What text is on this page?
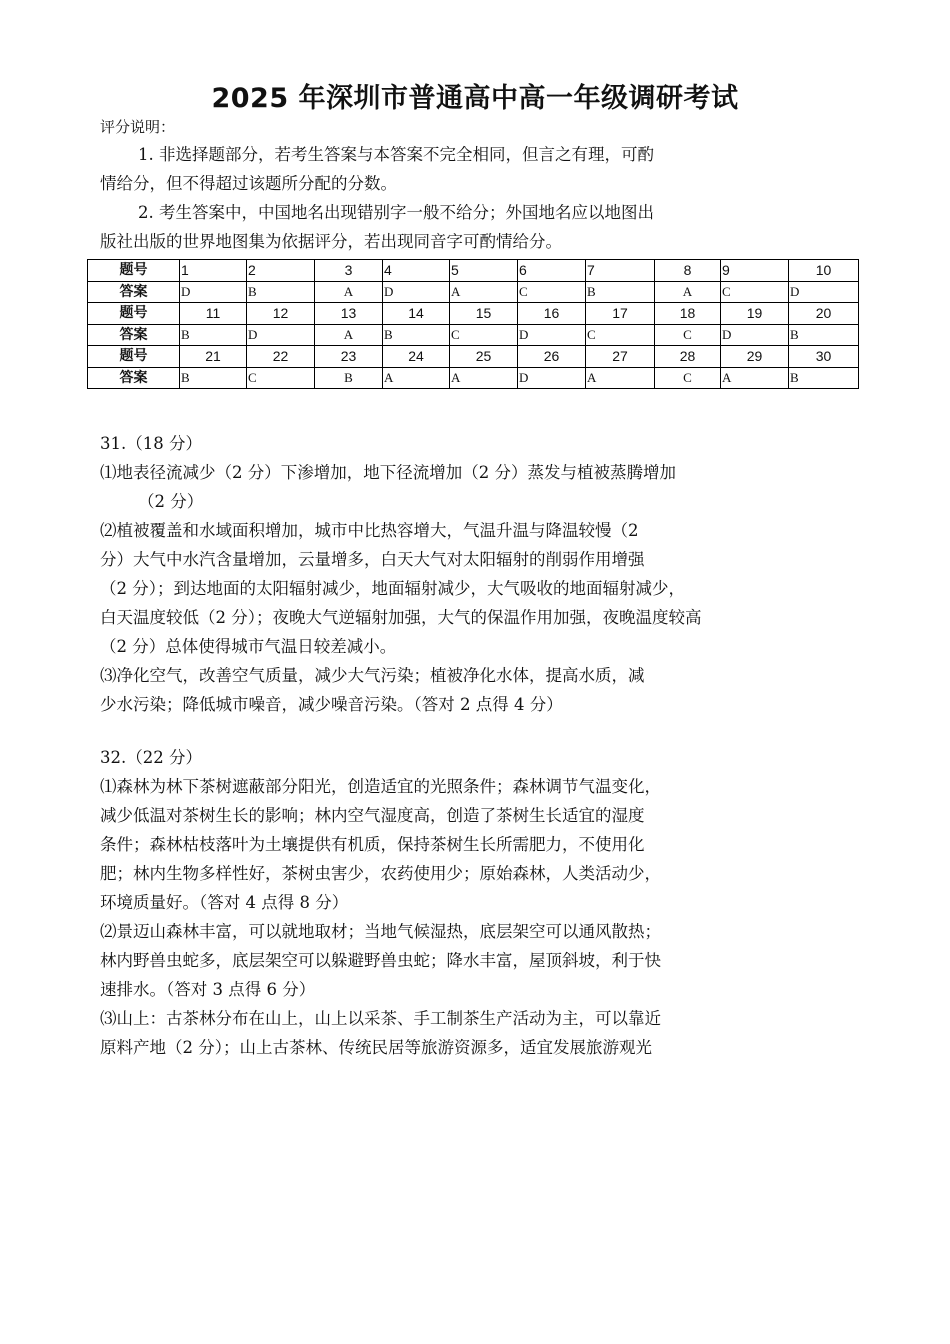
2025 年深圳市普通高中高一年级调研考试

评分说明：

1. 非选择题部分，若考生答案与本答案不完全相同，但言之有理，可酌

情给分，但不得超过该题所分配的分数。

2. 考生答案中，中国地名出现错别字一般不给分；外国地名应以地图出

版社出版的世界地图集为依据评分，若出现同音字可酌情给分。

题号	1	2	3	4	5	6	7	8	9	10
答案	D	B	A	D	A	C	B	A	C	D
题号	11	12	13	14	15	16	17	18	19	20
答案	B	D	A	B	C	D	C	C	D	B
题号	21	22	23	24	25	26	27	28	29	30
答案	B	C	B	A	A	D	A	C	A	B

31.（18 分）

⑴地表径流减少（2 分）下渗增加，地下径流增加（2 分）蒸发与植被蒸腾增加

（2 分）

⑵植被覆盖和水域面积增加，城市中比热容增大，气温升温与降温较慢（2

分）大气中水汽含量增加，云量增多，白天大气对太阳辐射的削弱作用增强

（2 分）；到达地面的太阳辐射减少，地面辐射减少，大气吸收的地面辐射减少，

白天温度较低（2 分）；夜晚大气逆辐射加强，大气的保温作用加强，夜晚温度较高

（2 分）总体使得城市气温日较差减小。

⑶净化空气，改善空气质量，减少大气污染；植被净化水体，提高水质，减

少水污染；降低城市噪音，减少噪音污染。（答对 2 点得 4 分）

32.（22 分）

⑴森林为林下茶树遮蔽部分阳光，创造适宜的光照条件；森林调节气温变化，

减少低温对茶树生长的影响；林内空气湿度高，创造了茶树生长适宜的湿度

条件；森林枯枝落叶为土壤提供有机质，保持茶树生长所需肥力，不使用化

肥；林内生物多样性好，茶树虫害少，农药使用少；原始森林，人类活动少，

环境质量好。（答对 4 点得 8 分）

⑵景迈山森林丰富，可以就地取材；当地气候湿热，底层架空可以通风散热；

林内野兽虫蛇多，底层架空可以躲避野兽虫蛇；降水丰富，屋顶斜坡，利于快

速排水。（答对 3 点得 6 分）

⑶山上：古茶林分布在山上，山上以采茶、手工制茶生产活动为主，可以靠近

原料产地（2 分）；山上古茶林、传统民居等旅游资源多，适宜发展旅游观光
